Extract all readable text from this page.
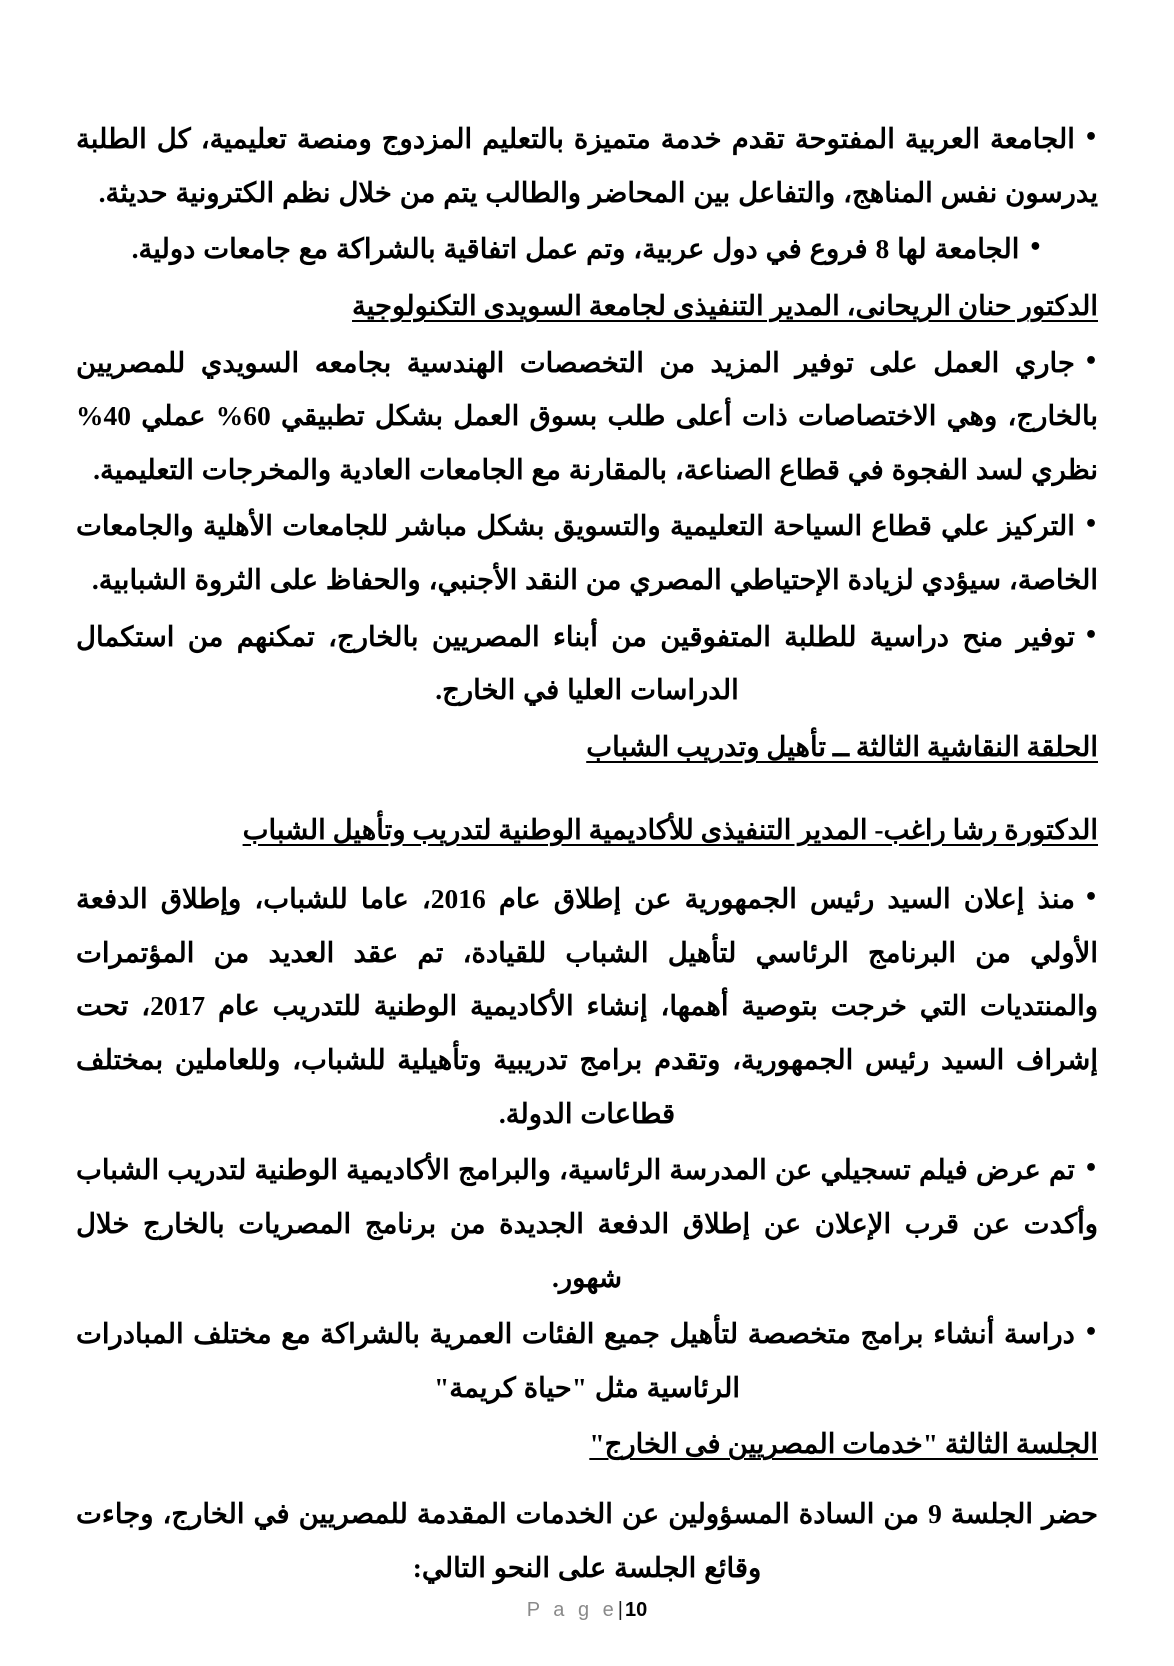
•الجامعة العربية المفتوحة تقدم خدمة متميزة بالتعليم المزدوج ومنصة تعليمية، كل الطلبة يدرسون نفس المناهج، والتفاعل بين المحاضر والطالب يتم من خلال نظم الكترونية حديثة.

•الجامعة لها 8 فروع في دول عربية، وتم عمل اتفاقية بالشراكة مع جامعات دولية.

الدكتور حنان الريحانى، المدير التنفيذى لجامعة السويدى التكنولوجية

•جاري العمل على توفير المزيد من التخصصات الهندسية بجامعه السويدي للمصريين بالخارج، وهي الاختصاصات ذات أعلى طلب بسوق العمل بشكل تطبيقي 60% عملي 40% نظري لسد الفجوة في قطاع الصناعة، بالمقارنة مع الجامعات العادية والمخرجات التعليمية.

•التركيز علي قطاع السياحة التعليمية والتسويق بشكل مباشر للجامعات الأهلية والجامعات الخاصة، سيؤدي لزيادة الإحتياطي المصري من النقد الأجنبي، والحفاظ على الثروة الشبابية.

•توفير منح دراسية للطلبة المتفوقين من أبناء المصريين بالخارج، تمكنهم من استكمال الدراسات العليا في الخارج.

الحلقة النقاشية الثالثة ــ تأهيل وتدريب الشباب

الدكتورة رشا راغب- المدير التنفيذى للأكاديمية الوطنية لتدريب وتأهيل الشباب

•منذ إعلان السيد رئيس الجمهورية عن إطلاق عام 2016، عاما للشباب، وإطلاق الدفعة الأولي من البرنامج الرئاسي لتأهيل الشباب للقيادة، تم عقد العديد من المؤتمرات والمنتديات التي خرجت بتوصية أهمها، إنشاء الأكاديمية الوطنية للتدريب عام 2017، تحت إشراف السيد رئيس الجمهورية، وتقدم برامج تدريبية وتأهيلية للشباب، وللعاملين بمختلف قطاعات الدولة.

•تم عرض فيلم تسجيلي عن المدرسة الرئاسية، والبرامج الأكاديمية الوطنية لتدريب الشباب وأكدت عن قرب الإعلان عن إطلاق الدفعة الجديدة من برنامج المصريات بالخارج خلال شهور.

•دراسة أنشاء برامج متخصصة لتأهيل جميع الفئات العمرية بالشراكة مع مختلف المبادرات الرئاسية مثل "حياة كريمة"

الجلسة الثالثة "خدمات المصريين فى الخارج"

حضر الجلسة 9 من السادة المسؤولين عن الخدمات المقدمة للمصريين في الخارج، وجاءت وقائع الجلسة على النحو التالي:

P a g e| 10
